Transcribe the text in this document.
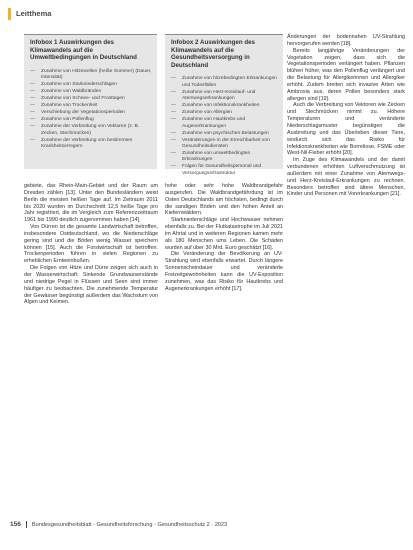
Leitthema
Infobox 1 Auswirkungen des Klimawandels auf die Umweltbedingungen in Deutschland
—	Zunahme von Hitzewellen (heiße Sommer) (Dauer, Intensität)
—	Zunahme von Starkniederschlägen
—	Zunahme von Waldbränden
—	Zunahme von Schnee- und Frosttagen
—	Zunahme von Trockenheit
—	Verschiebung der Vegetationsperioden
—	Zunahme von Pollenflug
—	Zunahme der Verbreitung von Vektoren (z. B. Zecken, Stechmücken)
—	Zunahme der Verbreitung von bestimmten Krankheitserregern
Infobox 2 Auswirkungen des Klimawandels auf die Gesundheitsversorgung in Deutschland
—	Zunahme von hitzebedingten Erkrankungen und Todesfällen
—	Zunahme von Herz-Kreislauf- und Atemwegserkrankungen
—	Zunahme von Infektionskrankheiten
—	Zunahme von Allergien
—	Zunahme von Hautkrebs und Augenerkrankungen
—	Zunahme von psychischen Belastungen
—	Veränderungen in der Erreichbarkeit von Gesundheitsdiensten
—	Zunahme von umweltbedingten Erkrankungen
—	Folgen für Gesundheitspersonal und Versorgungsinfrastruktur

gebiete, das Rhein-Main-Gebiet und der Raum um Dresden zählen [13]. Unter den Bundesländern weist Berlin die meisten heißen Tage auf. Im Zeitraum 2011 bis 2020 wurden im Durchschnitt 12,5 heiße Tage pro Jahr registriert, die im Vergleich zum Referenzzeitraum 1961 bis 1990 deutlich zugenommen haben [14].

Von Dürren ist die gesamte Landwirtschaft betroffen, insbesondere Ostdeutschland, wo die Niederschläge gering sind und die Böden wenig Wasser speichern können [15]. Auch die Forstwirtschaft ist betroffen. Trockenperioden führen in vielen Regionen zu erheblichen Ernteeinbußen.

Die Folgen von Hitze und Dürre zeigen sich auch in der Wasserwirtschaft: Sinkende Grundwasserstände und niedrige Pegel in Flüssen und Seen sind immer häufiger zu beobachten. Die zunehmende Temperatur der Gewässer begünstigt außerdem das Wachstum von Algen und Keimen.

hohe oder sehr hohe Waldbrandgefahr ausgerufen. Die Waldbrandgefährdung ist im Osten Deutschlands am höchsten, bedingt durch die sandigen Böden und den hohen Anteil an Kiefernwäldern.

Starkniederschläge und Hochwasser nehmen ebenfalls zu. Bei der Flutkatastrophe im Juli 2021 im Ahrtal und in weiteren Regionen kamen mehr als 180 Menschen ums Leben. Die Schäden wurden auf über 30 Mrd. Euro geschätzt [16].

Die Veränderung der Bevölkerung an UV-Strahlung wird ebenfalls erwartet. Durch längere Sonnenscheindauer und veränderte Freizeitgewohnheiten kann die UV-Exposition zunehmen, was das Risiko für Hautkrebs und Augenerkrankungen erhöht [17].

Änderungen der bodennahen UV-Strahlung hervorgerufen werden [18].

Bereits langjährige Veränderungen der Vegetation zeigen, dass sich die Vegetationsperioden verlängert haben. Pflanzen blühen früher, was den Pollenflug verlängert und die Belastung für Allergikerinnen und Allergiker erhöht. Zudem breiten sich invasive Arten wie Ambrosia aus, deren Pollen besonders stark allergen sind [19].

Auch die Verbreitung von Vektoren wie Zecken und Stechmücken nimmt zu. Höhere Temperaturen und veränderte Niederschlagsmuster begünstigen die Ausbreitung und das Überleben dieser Tiere, wodurch sich das Risiko für Infektionskrankheiten wie Borreliose, FSME oder West-Nil-Fieber erhöht [20].

Im Zuge des Klimawandels und der damit verbundenen erhöhten Luftverschmutzung ist außerdem mit einer Zunahme von Atemwegs- und Herz-Kreislauf-Erkrankungen zu rechnen. Besonders betroffen sind ältere Menschen, Kinder und Personen mit Vorerkrankungen [21].

156	Bundesgesundheitsblatt - Gesundheitsforschung - Gesundheitsschutz 2 · 2023
